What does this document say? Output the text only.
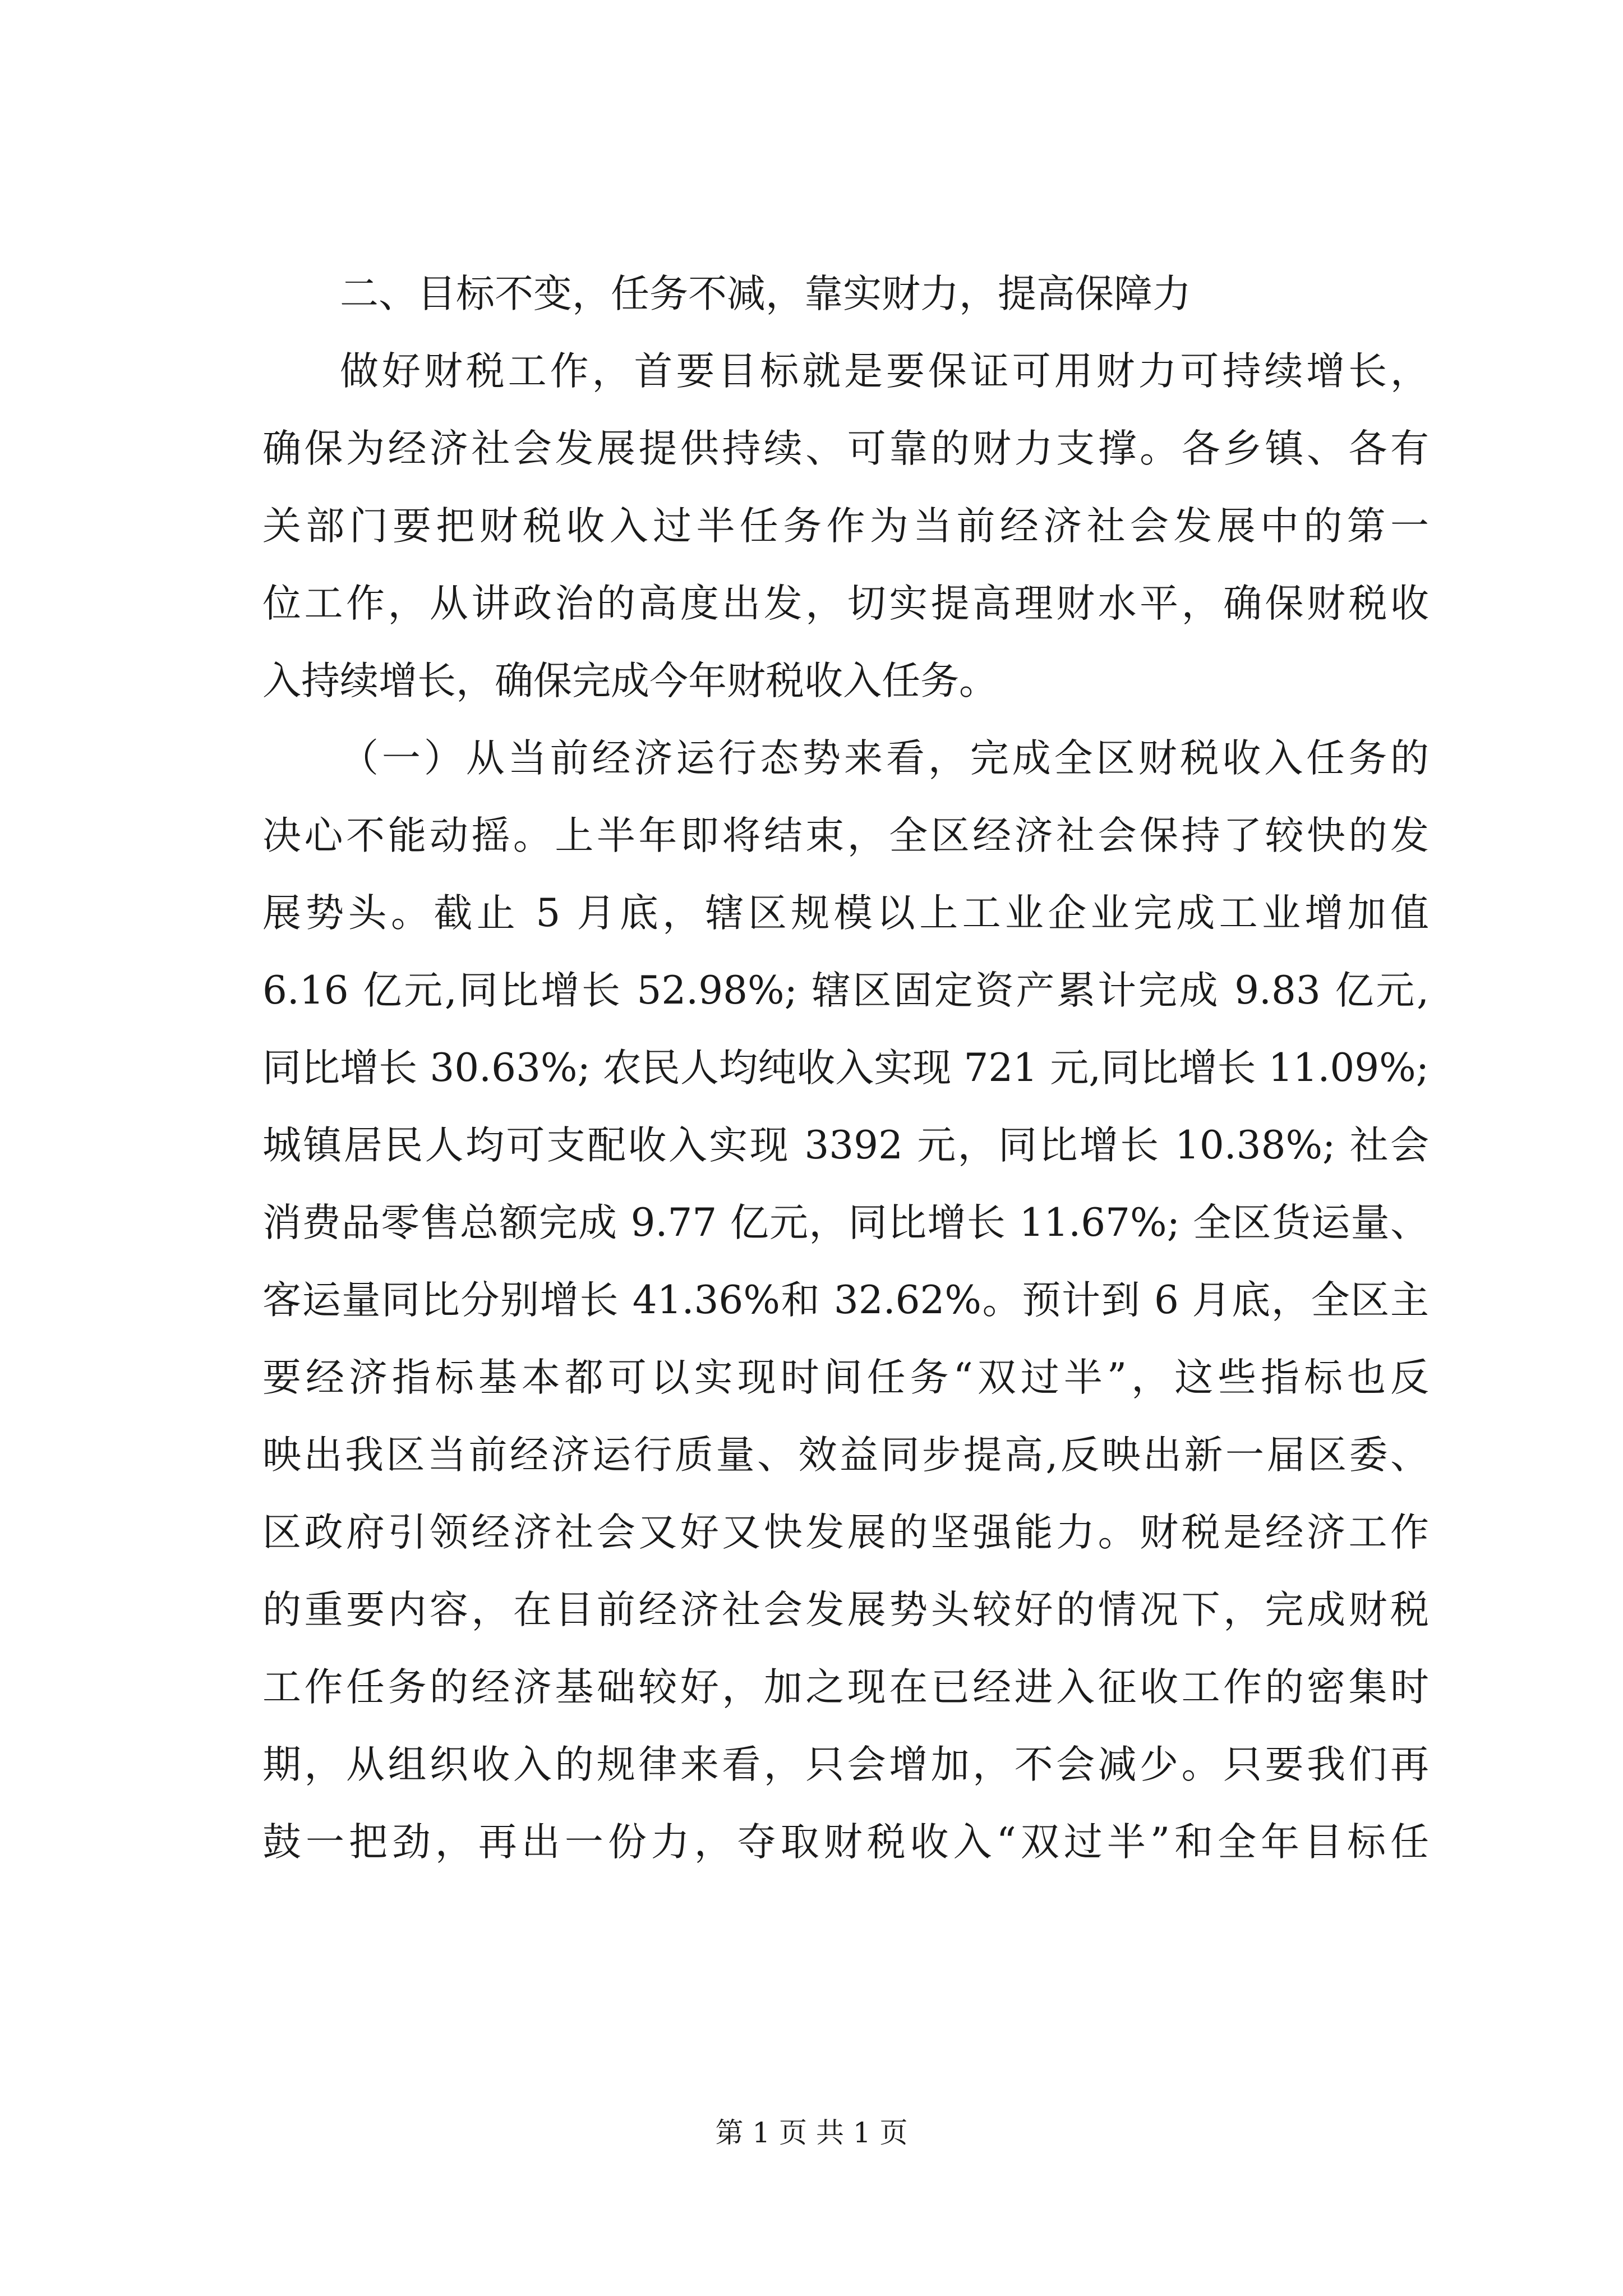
二、目标不变，任务不减，靠实财力，提高保障力
做好财税工作，首要目标就是要保证可用财力可持续增长，
确保为经济社会发展提供持续、可靠的财力支撑。各乡镇、各有
关部门要把财税收入过半任务作为当前经济社会发展中的第一
位工作，从讲政治的高度出发，切实提高理财水平，确保财税收
入持续增长，确保完成今年财税收入任务。
（一）从当前经济运行态势来看，完成全区财税收入任务的
决心不能动摇。上半年即将结束，全区经济社会保持了较快的发
展势头。截止 5 月底，辖区规模以上工业企业完成工业增加值
6.16 亿元,同比增长 52.98%; 辖区固定资产累计完成 9.83 亿元,
同比增长 30.63%; 农民人均纯收入实现 721 元,同比增长 11.09%;
城镇居民人均可支配收入实现 3392 元，同比增长 10.38%; 社会
消费品零售总额完成 9.77 亿元，同比增长 11.67%; 全区货运量、
客运量同比分别增长 41.36%和 32.62%。预计到 6 月底，全区主
要经济指标基本都可以实现时间任务“双过半”，这些指标也反
映出我区当前经济运行质量、效益同步提高,反映出新一届区委、
区政府引领经济社会又好又快发展的坚强能力。财税是经济工作
的重要内容，在目前经济社会发展势头较好的情况下，完成财税
工作任务的经济基础较好，加之现在已经进入征收工作的密集时
期，从组织收入的规律来看，只会增加，不会减少。只要我们再
鼓一把劲，再出一份力，夺取财税收入“双过半”和全年目标任
第 1 页 共 1 页
